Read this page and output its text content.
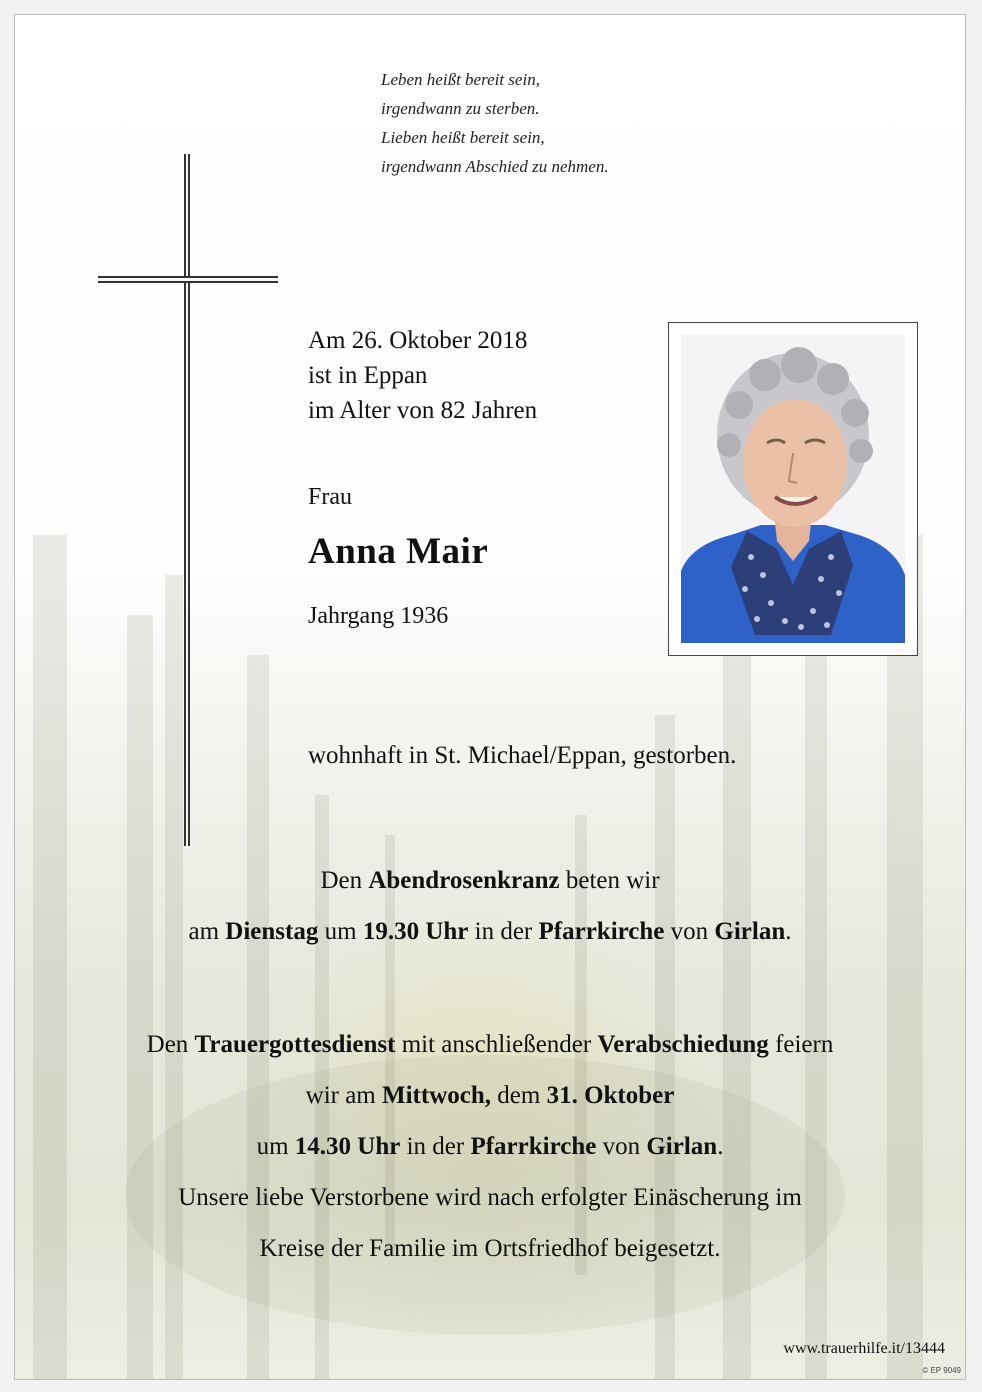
Leben heißt bereit sein,
irgendwann zu sterben.
Lieben heißt bereit sein,
irgendwann Abschied zu nehmen.
Am 26. Oktober 2018
ist in Eppan
im Alter von 82 Jahren
Frau
Anna Mair
Jahrgang 1936
wohnhaft in St. Michael/Eppan, gestorben.
Den Abendrosenkranz beten wir
am Dienstag um 19.30 Uhr in der Pfarrkirche von Girlan.
Den Trauergottesdienst mit anschließender Verabschiedung feiern
wir am Mittwoch, dem 31. Oktober
um 14.30 Uhr in der Pfarrkirche von Girlan.
Unsere liebe Verstorbene wird nach erfolgter Einäscherung im
Kreise der Familie im Ortsfriedhof beigesetzt.
www.trauerhilfe.it/13444
© EP 9049
